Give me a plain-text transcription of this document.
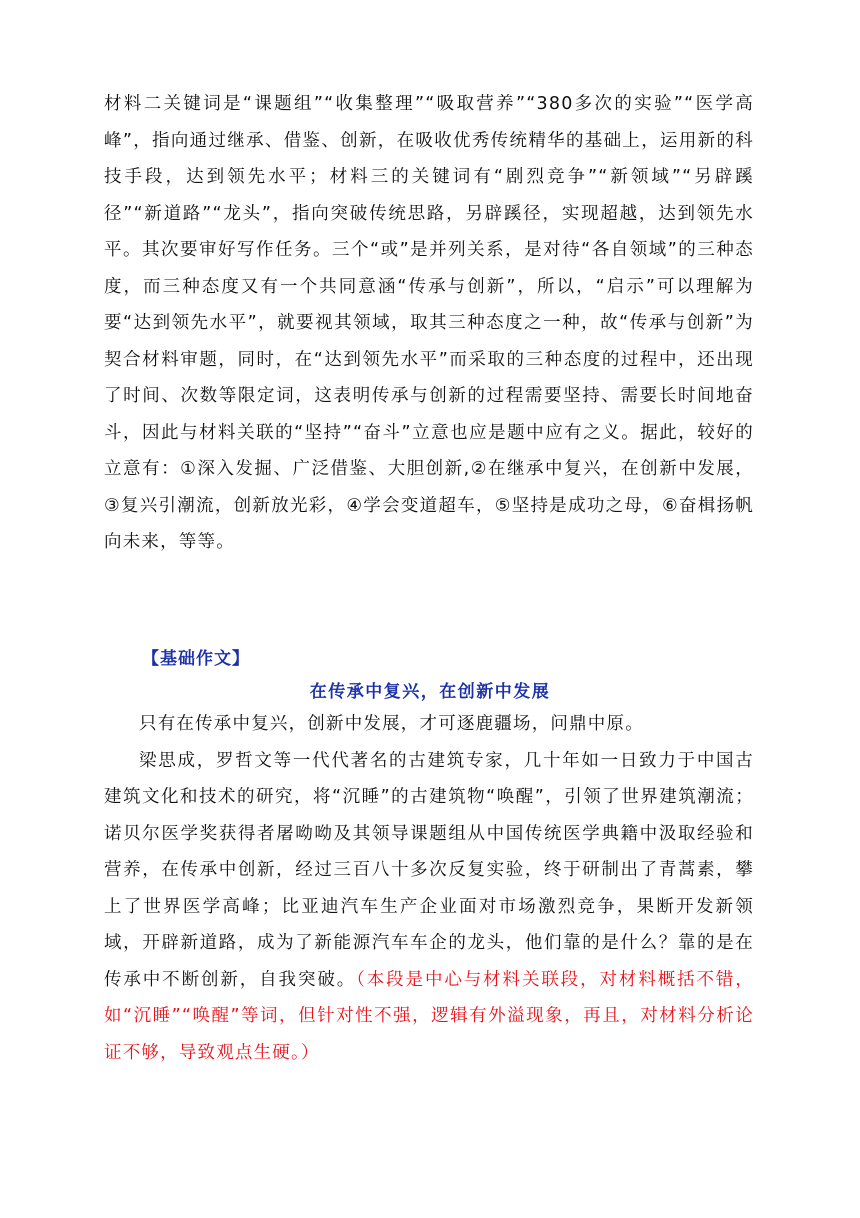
材料二关键词是“课题组”“收集整理”“吸取营养”“380多次的实验”“医学高峰”，指向通过继承、借鉴、创新，在吸收优秀传统精华的基础上，运用新的科技手段，达到领先水平；材料三的关键词有“剧烈竞争”“新领域”“另辟蹊径”“新道路”“龙头”，指向突破传统思路，另辟蹊径，实现超越，达到领先水平。其次要审好写作任务。三个“或”是并列关系，是对待“各自领域”的三种态度，而三种态度又有一个共同意涵“传承与创新”，所以，“启示”可以理解为要“达到领先水平”，就要视其领域，取其三种态度之一种，故“传承与创新”为契合材料审题，同时，在“达到领先水平”而采取的三种态度的过程中，还出现了时间、次数等限定词，这表明传承与创新的过程需要坚持、需要长时间地奋斗，因此与材料关联的“坚持”“奋斗”立意也应是题中应有之义。据此，较好的立意有：①深入发掘、广泛借鉴、大胆创新,②在继承中复兴，在创新中发展，③复兴引潮流，创新放光彩，④学会变道超车，⑤坚持是成功之母，⑥奋楫扬帆向未来，等等。

【基础作文】
在传承中复兴，在创新中发展

只有在传承中复兴，创新中发展，才可逐鹿疆场，问鼎中原。

梁思成，罗哲文等一代代著名的古建筑专家，几十年如一日致力于中国古建筑文化和技术的研究，将“沉睡”的古建筑物“唤醒”，引领了世界建筑潮流；诺贝尔医学奖获得者屠呦呦及其领导课题组从中国传统医学典籍中汲取经验和营养，在传承中创新，经过三百八十多次反复实验，终于研制出了青蒿素，攀上了世界医学高峰；比亚迪汽车生产企业面对市场激烈竞争，果断开发新领域，开辟新道路，成为了新能源汽车车企的龙头，他们靠的是什么？靠的是在传承中不断创新，自我突破。（本段是中心与材料关联段，对材料概括不错，如“沉睡”“唤醒”等词，但针对性不强，逻辑有外溢现象，再且，对材料分析论证不够，导致观点生硬。）
